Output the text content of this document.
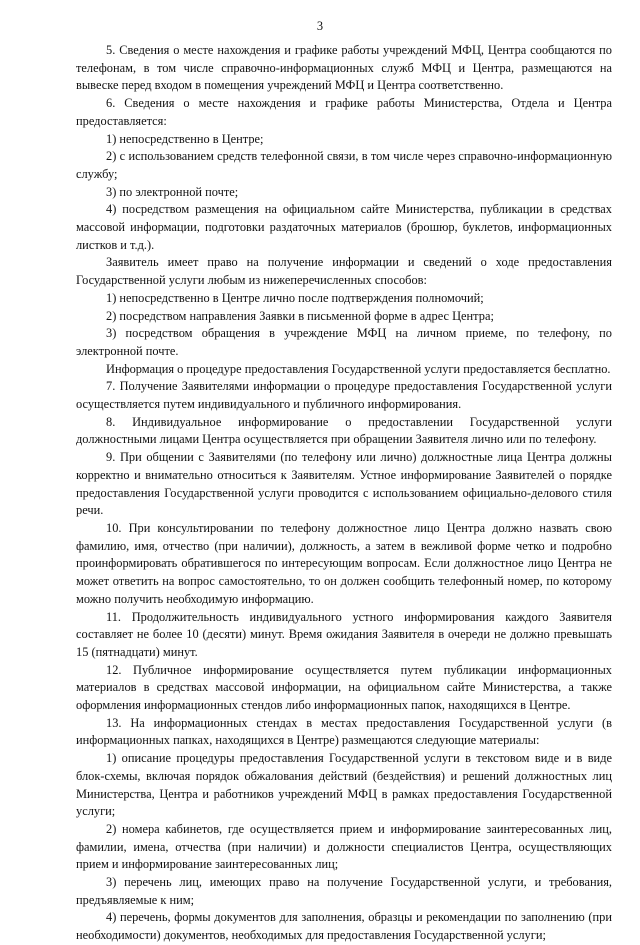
3

5. Сведения о месте нахождения и графике работы учреждений МФЦ, Центра сообщаются по телефонам, в том числе справочно-информационных служб МФЦ и Центра, размещаются на вывеске перед входом в помещения учреждений МФЦ и Центра соответственно.

6. Сведения о месте нахождения и графике работы Министерства, Отдела и Центра предоставляется:

1) непосредственно в Центре;

2) с использованием средств телефонной связи, в том числе через справочно-информационную службу;

3) по электронной почте;

4) посредством размещения на официальном сайте Министерства, публикации в средствах массовой информации, подготовки раздаточных материалов (брошюр, буклетов, информационных листков и т.д.).

Заявитель имеет право на получение информации и сведений о ходе предоставления Государственной услуги любым из нижеперечисленных способов:

1) непосредственно в Центре лично после подтверждения полномочий;

2) посредством направления Заявки в письменной форме в адрес Центра;

3) посредством обращения в учреждение МФЦ на личном приеме, по телефону, по электронной почте.

Информация о процедуре предоставления Государственной услуги предоставляется бесплатно.

7. Получение Заявителями информации о процедуре предоставления Государственной услуги осуществляется путем индивидуального и публичного информирования.

8. Индивидуальное информирование о предоставлении Государственной услуги должностными лицами Центра осуществляется при обращении Заявителя лично или по телефону.

9. При общении с Заявителями (по телефону или лично) должностные лица Центра должны корректно и внимательно относиться к Заявителям. Устное информирование Заявителей о порядке предоставления Государственной услуги проводится с использованием официально-делового стиля речи.

10. При консультировании по телефону должностное лицо Центра должно назвать свою фамилию, имя, отчество (при наличии), должность, а затем в вежливой форме четко и подробно проинформировать обратившегося по интересующим вопросам. Если должностное лицо Центра не может ответить на вопрос самостоятельно, то он должен сообщить телефонный номер, по которому можно получить необходимую информацию.

11. Продолжительность индивидуального устного информирования каждого Заявителя составляет не более 10 (десяти) минут. Время ожидания Заявителя в очереди не должно превышать 15 (пятнадцати) минут.

12. Публичное информирование осуществляется путем публикации информационных материалов в средствах массовой информации, на официальном сайте Министерства, а также оформления информационных стендов либо информационных папок, находящихся в Центре.

13. На информационных стендах в местах предоставления Государственной услуги (в информационных папках, находящихся в Центре) размещаются следующие материалы:

1) описание процедуры предоставления Государственной услуги в текстовом виде и в виде блок-схемы, включая порядок обжалования действий (бездействия) и решений должностных лиц Министерства, Центра и работников учреждений МФЦ в рамках предоставления Государственной услуги;

2) номера кабинетов, где осуществляется прием и информирование заинтересованных лиц, фамилии, имена, отчества (при наличии) и должности специалистов Центра, осуществляющих прием и информирование заинтересованных лиц;

3) перечень лиц, имеющих право на получение Государственной услуги, и требования, предъявляемые к ним;

4) перечень, формы документов для заполнения, образцы и рекомендации по заполнению (при необходимости) документов, необходимых для предоставления Государственной услуги;
